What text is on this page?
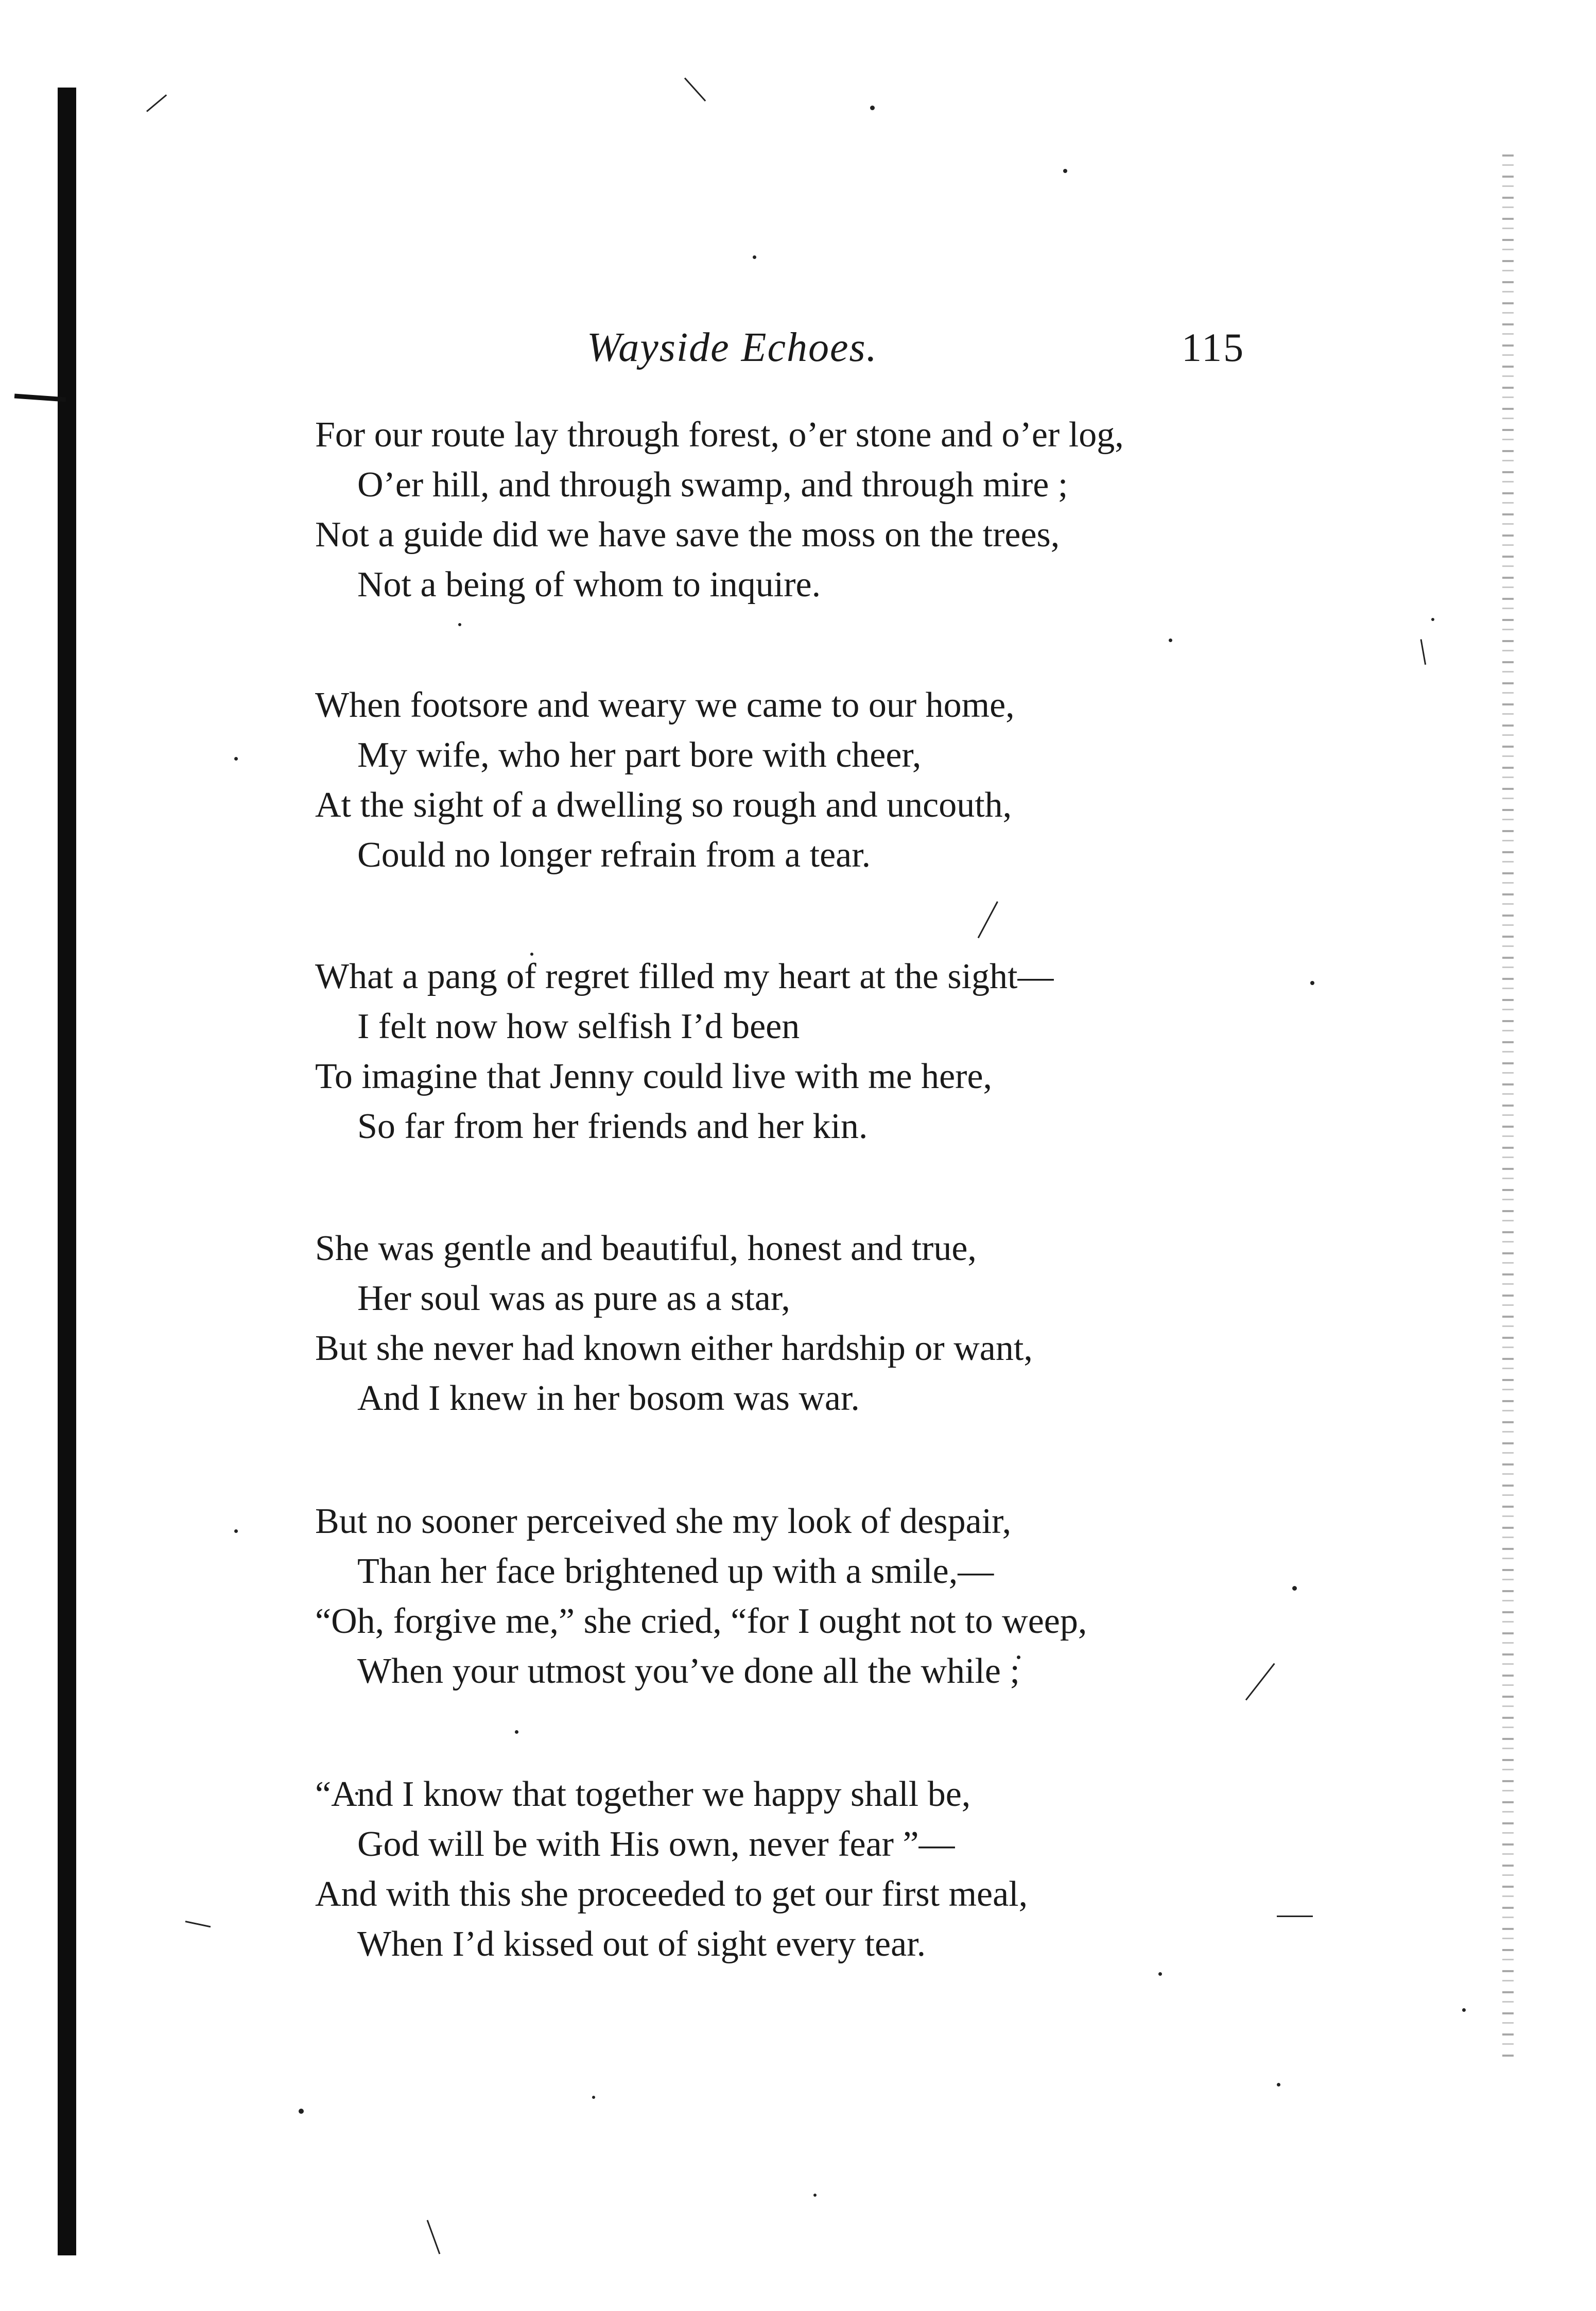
Wayside Echoes.	115
For our route lay through forest, o’er stone and o’er log,
O’er hill, and through swamp, and through mire ;
Not a guide did we have save the moss on the trees,
Not a being of whom to inquire.
When footsore and weary we came to our home,
My wife, who her part bore with cheer,
At the sight of a dwelling so rough and uncouth,
Could no longer refrain from a tear.
What a pang of regret filled my heart at the sight—
I felt now how selfish I’d been
To imagine that Jenny could live with me here,
So far from her friends and her kin.
She was gentle and beautiful, honest and true,
Her soul was as pure as a star,
But she never had known either hardship or want,
And I knew in her bosom was war.
But no sooner perceived she my look of despair,
Than her face brightened up with a smile,—
“Oh, forgive me,” she cried, “for I ought not to weep,
When your utmost you’ve done all the while ;
“And I know that together we happy shall be,
God will be with His own, never fear ”—
And with this she proceeded to get our first meal,
When I’d kissed out of sight every tear.
